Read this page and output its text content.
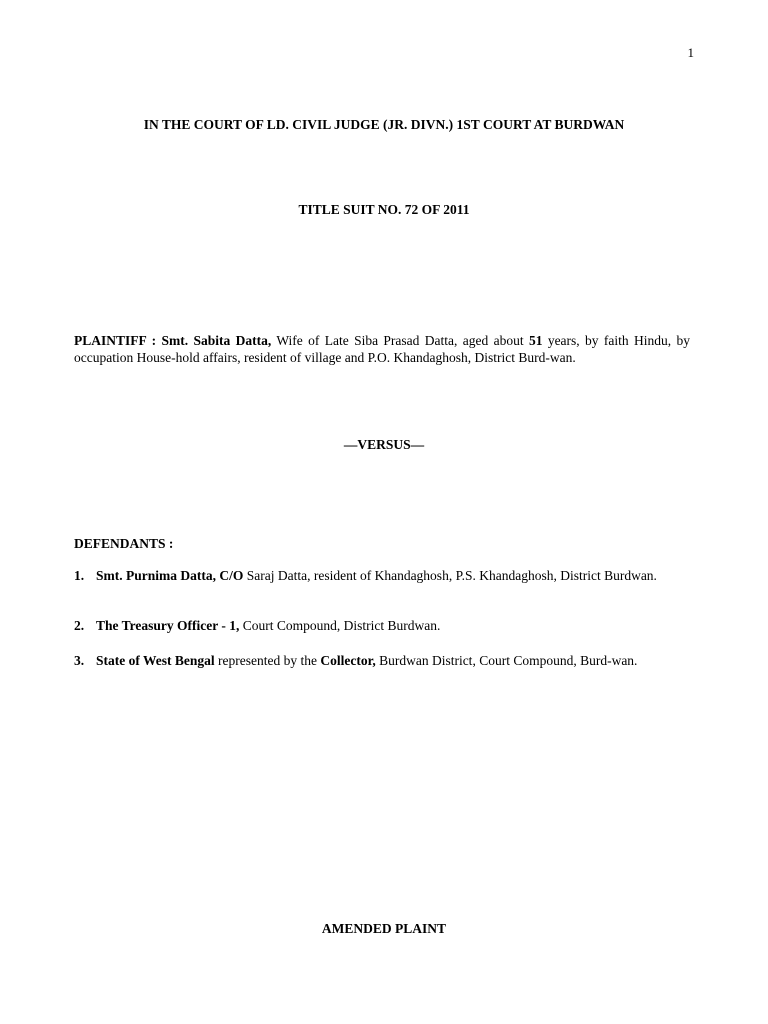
1
IN THE COURT OF LD. CIVIL JUDGE (JR. DIVN.) 1ST COURT AT BURDWAN
TITLE SUIT NO. 72 OF 2011
PLAINTIFF : Smt. Sabita Datta, Wife of Late Siba Prasad Datta, aged about 51 years, by faith Hindu, by occupation House-hold affairs, resident of village and P.O. Khandaghosh, District Burd-wan.
—VERSUS—
DEFENDANTS :
1. Smt. Purnima Datta, C/O Saraj Datta, resident of Khandaghosh, P.S. Khandaghosh, District Burdwan.
2. The Treasury Officer - 1, Court Compound, District Burdwan.
3. State of West Bengal represented by the Collector, Burdwan District, Court Compound, Burd-wan.
AMENDED PLAINT
